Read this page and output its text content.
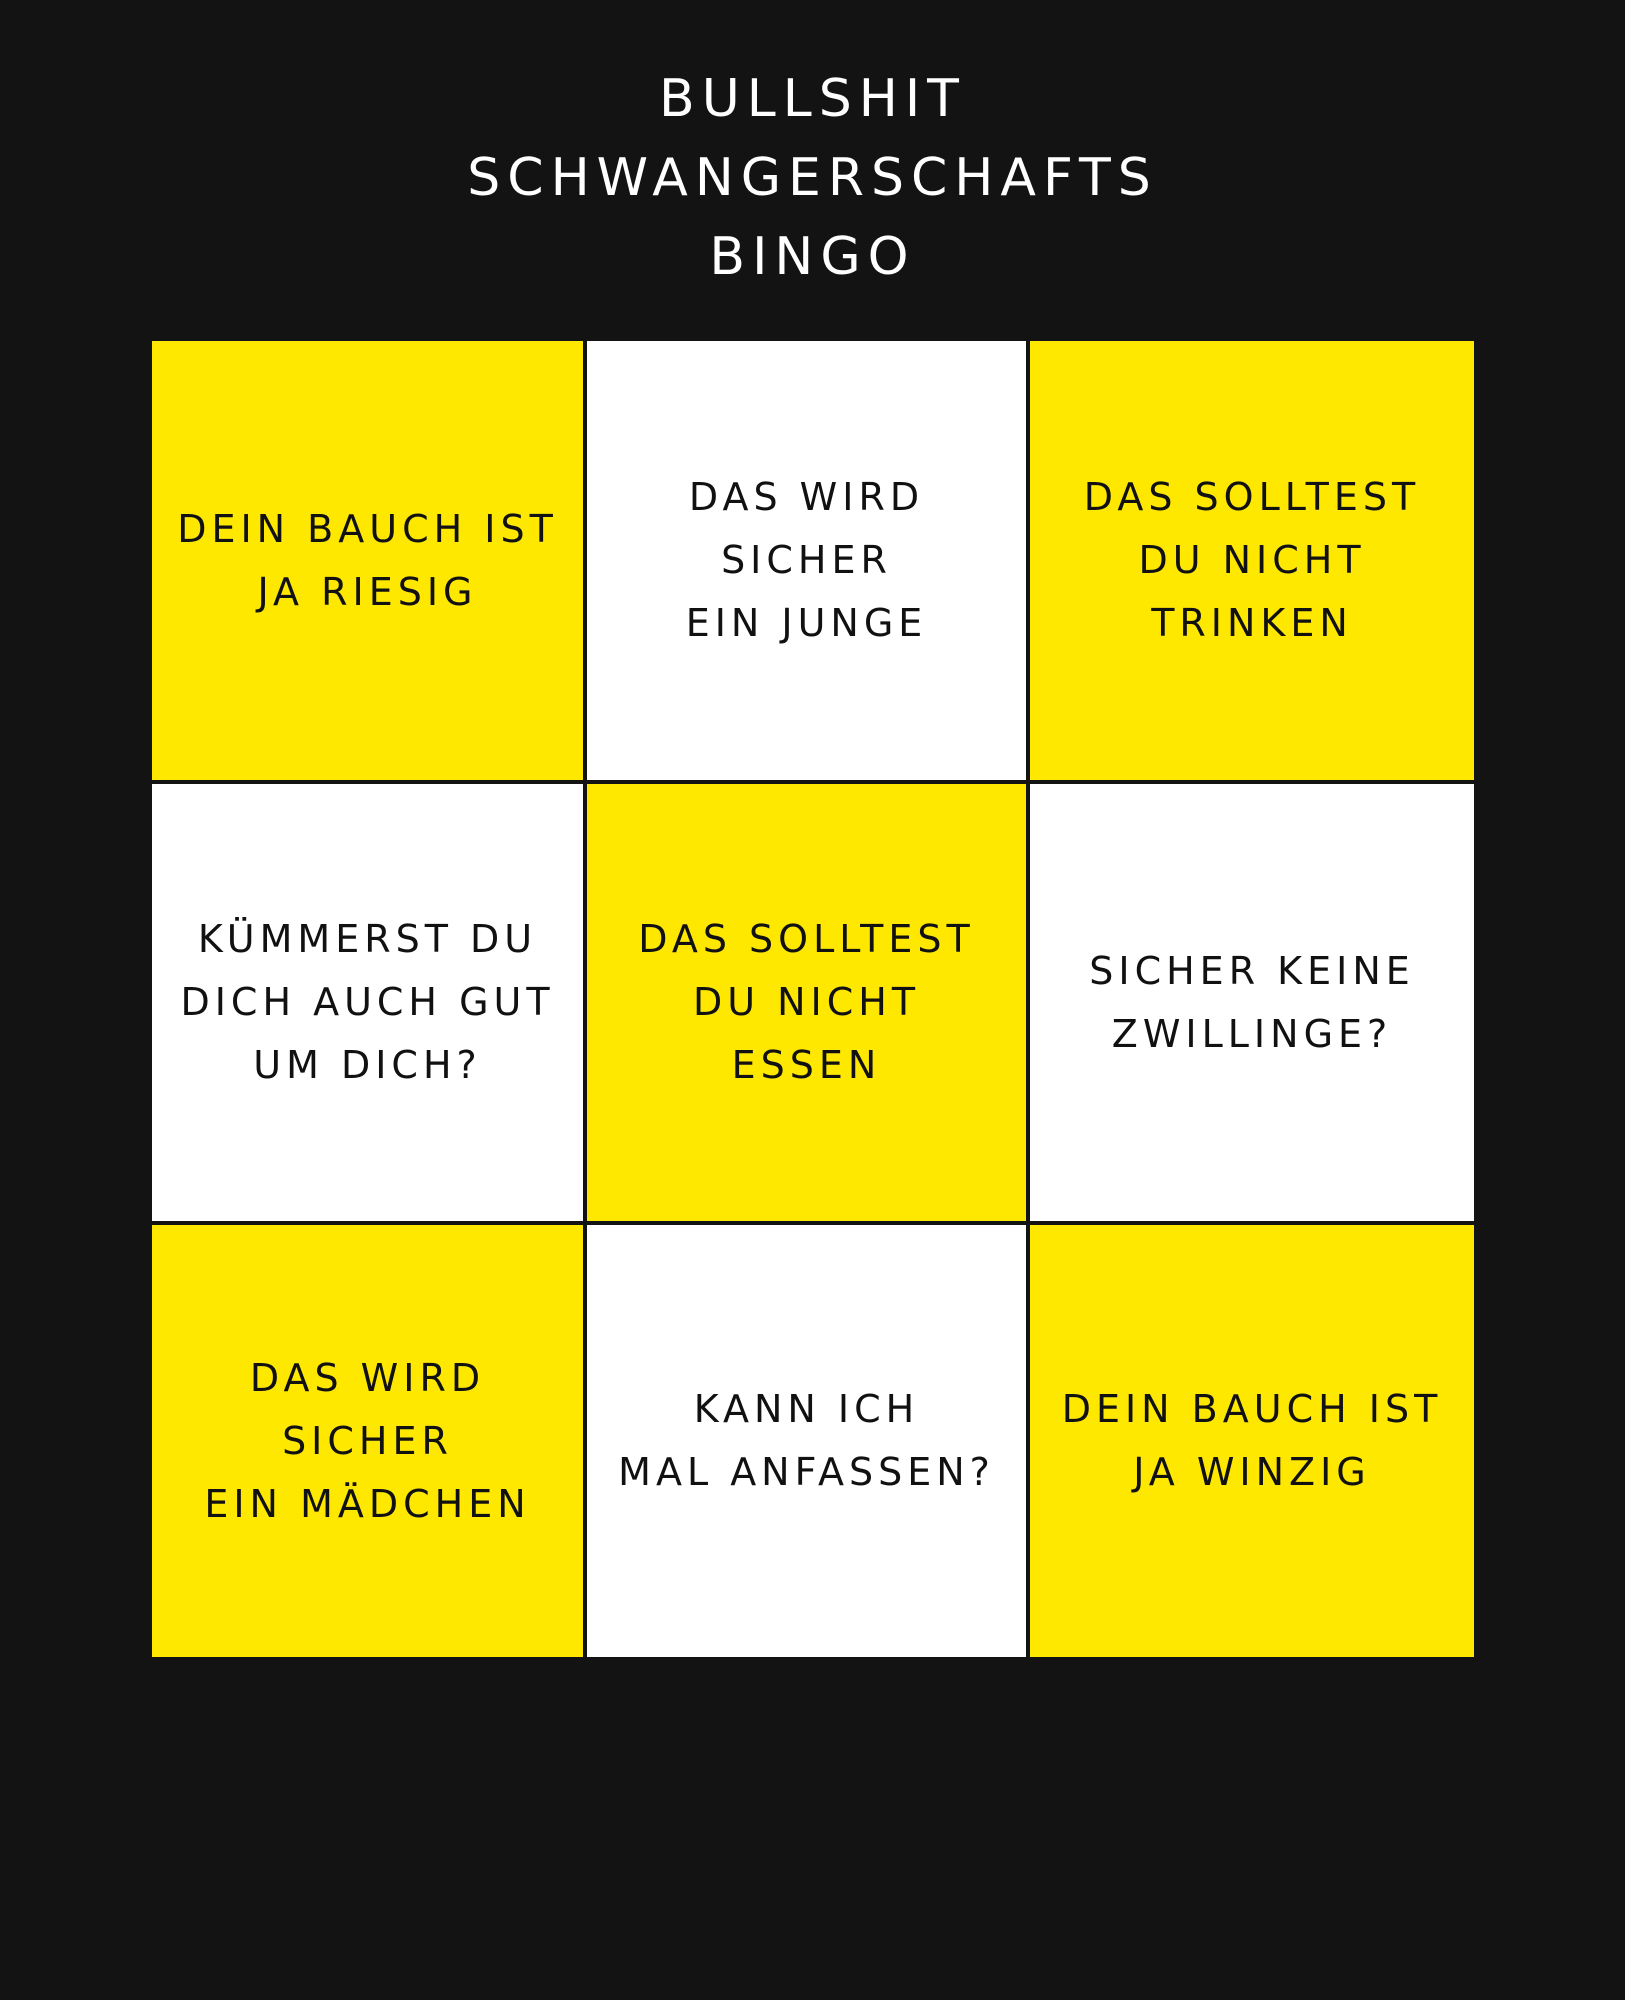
BULLSHIT
SCHWANGERSCHAFTS
BINGO
DEIN BAUCH IST
JA RIESIG
DAS WIRD SICHER
EIN JUNGE
DAS SOLLTEST
DU NICHT
TRINKEN
KÜMMERST DU
DICH AUCH GUT
UM DICH?
DAS SOLLTEST
DU NICHT
ESSEN
SICHER KEINE
ZWILLINGE?
DAS WIRD SICHER
EIN MÄDCHEN
KANN ICH
MAL ANFASSEN?
DEIN BAUCH IST
JA WINZIG
